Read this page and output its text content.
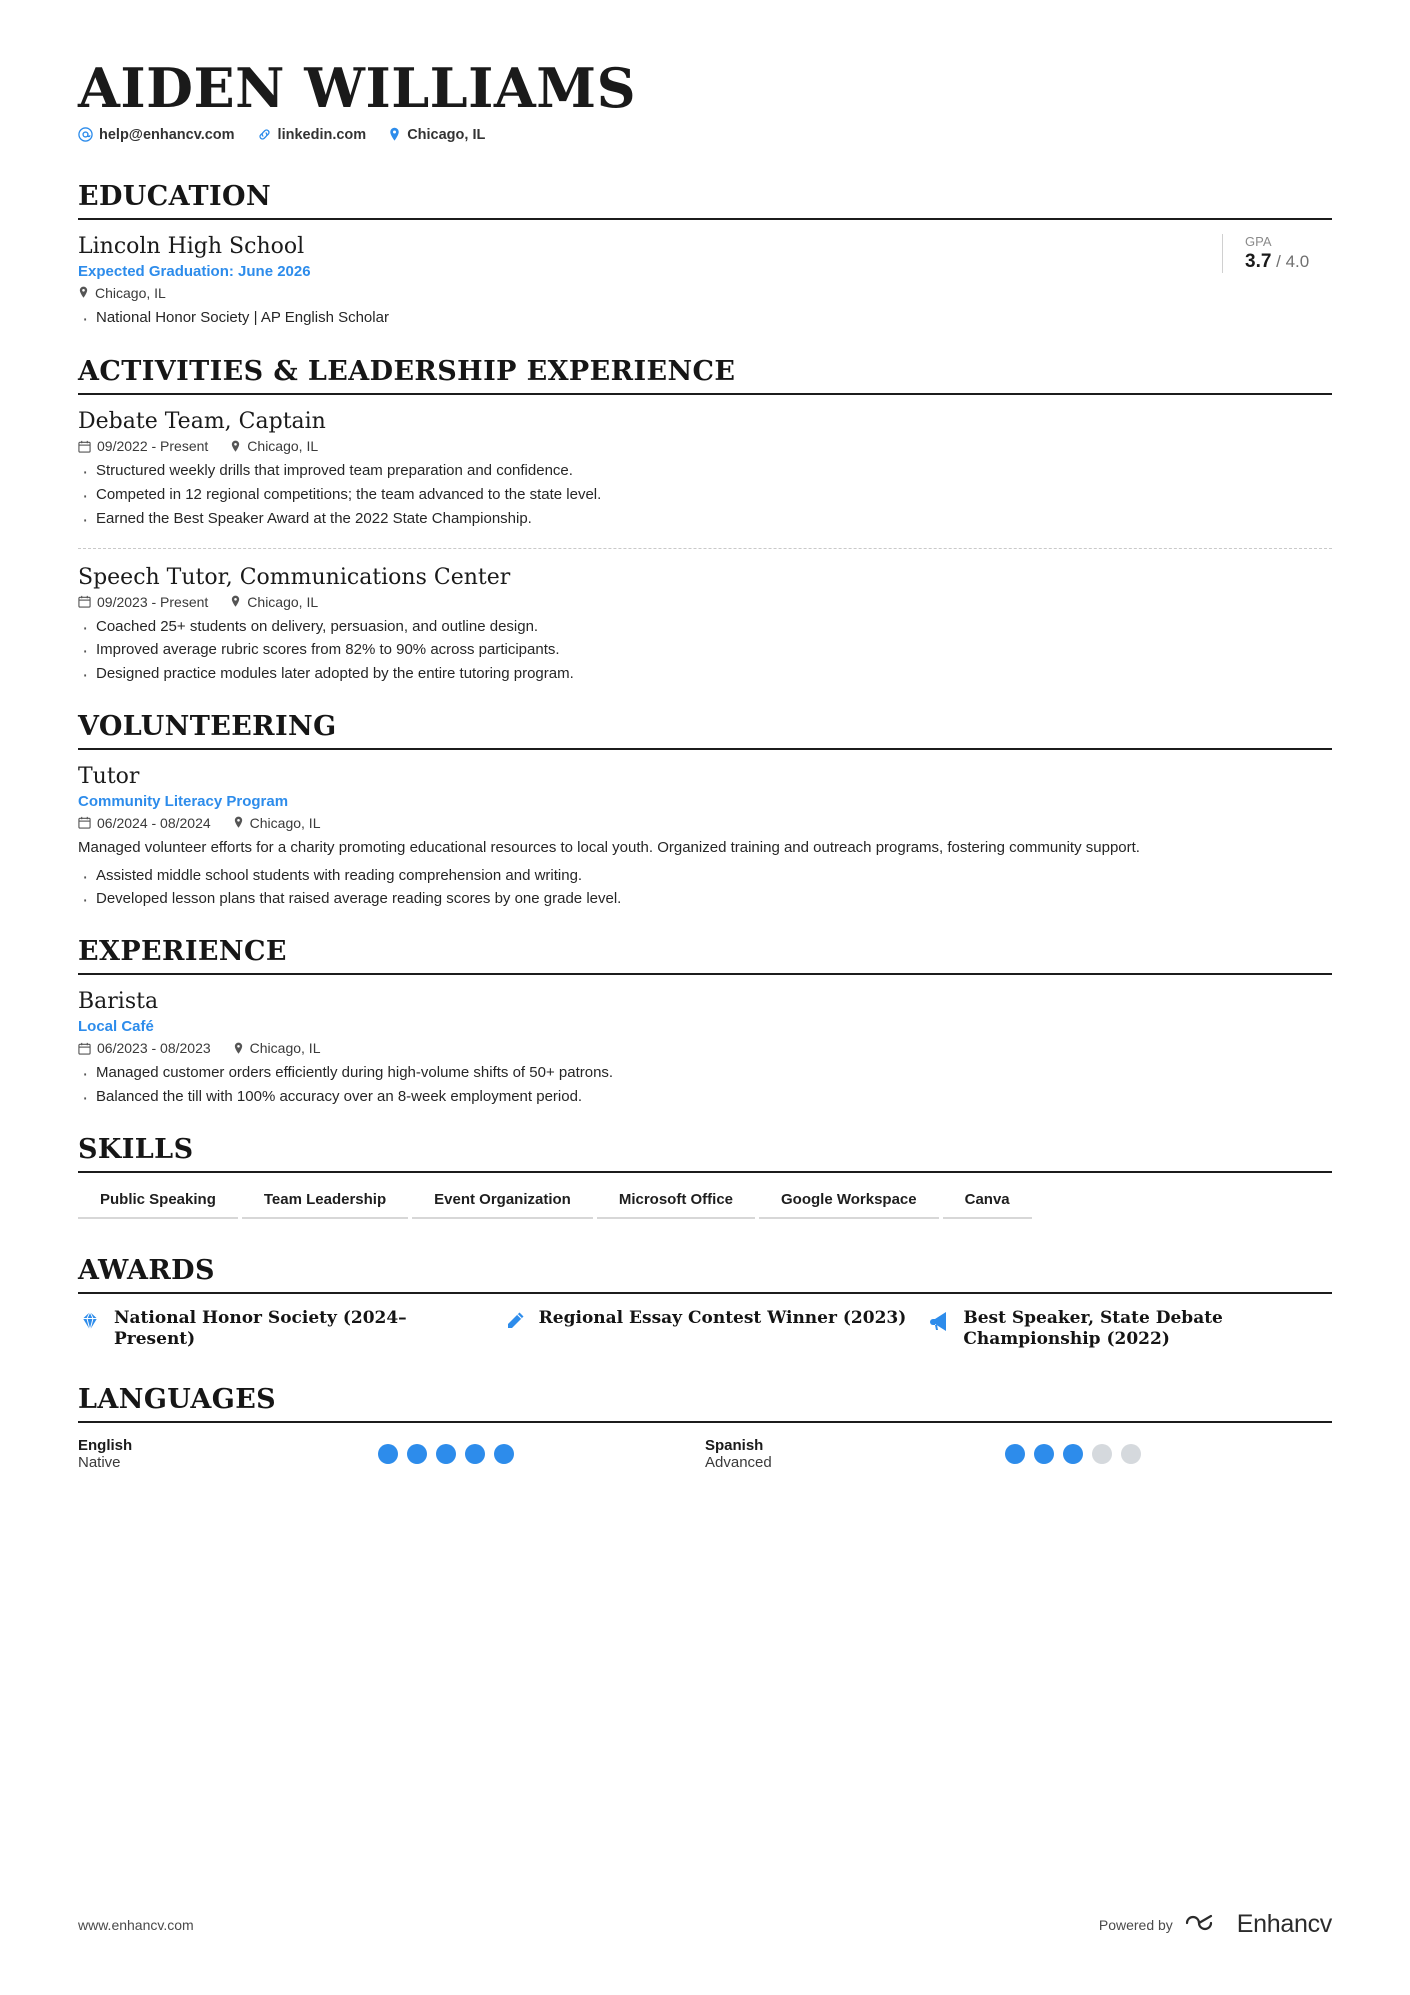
AIDEN WILLIAMS
help@enhancv.com	linkedin.com	Chicago, IL
EDUCATION
Lincoln High School
Expected Graduation: June 2026
Chicago, IL
· National Honor Society | AP English Scholar
GPA
3.7 / 4.0
ACTIVITIES & LEADERSHIP EXPERIENCE
Debate Team, Captain
09/2022 - Present	Chicago, IL
· Structured weekly drills that improved team preparation and confidence.
· Competed in 12 regional competitions; the team advanced to the state level.
· Earned the Best Speaker Award at the 2022 State Championship.
Speech Tutor, Communications Center
09/2023 - Present	Chicago, IL
· Coached 25+ students on delivery, persuasion, and outline design.
· Improved average rubric scores from 82% to 90% across participants.
· Designed practice modules later adopted by the entire tutoring program.
VOLUNTEERING
Tutor
Community Literacy Program
06/2024 - 08/2024	Chicago, IL

Managed volunteer efforts for a charity promoting educational resources to local youth. Organized training and outreach programs, fostering community support.

· Assisted middle school students with reading comprehension and writing.
· Developed lesson plans that raised average reading scores by one grade level.
EXPERIENCE
Barista
Local Café
06/2023 - 08/2023	Chicago, IL
· Managed customer orders efficiently during high-volume shifts of 50+ patrons.
· Balanced the till with 100% accuracy over an 8-week employment period.
SKILLS
Public Speaking	Team Leadership	Event Organization	Microsoft Office	Google Workspace	Canva
AWARDS
National Honor Society (2024–Present)
Regional Essay Contest Winner (2023)	Best Speaker, State Debate Championship (2022)
LANGUAGES
English
Native
Spanish
Advanced
www.enhancv.com	Powered by	Enhancv
